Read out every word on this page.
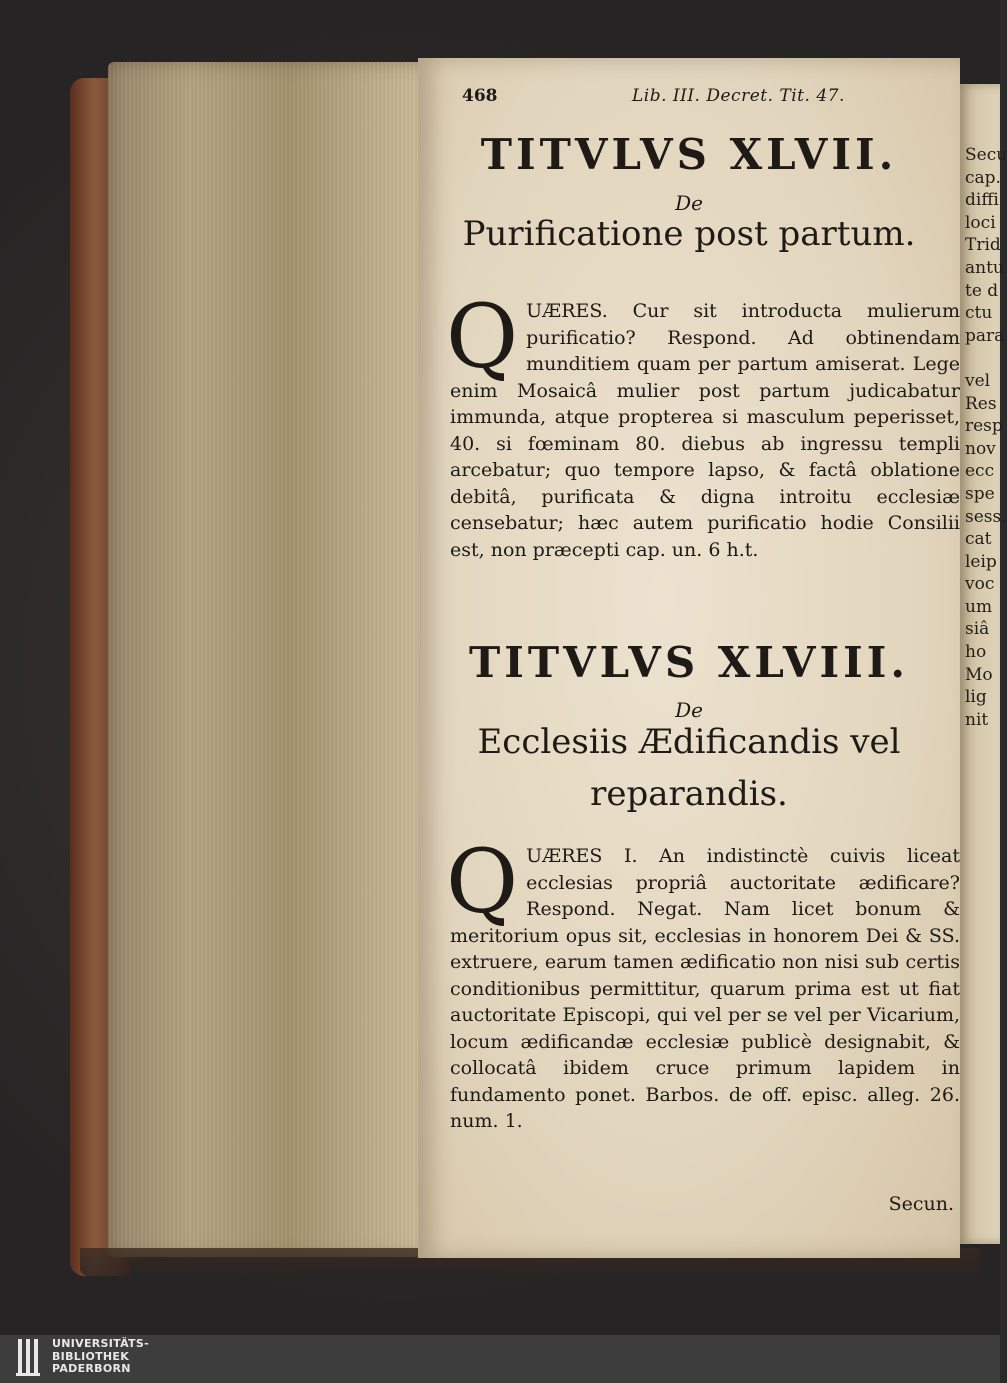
468	Lib. III. Decret. Tit. 47.
TITVLVS XLVII.
De
Purificatione post partum.
Q UÆRES. Cur sit introducta mulierum purificatio? Respond. Ad obtinendam munditiem quam per partum amiserat. Lege enim Mosaicâ mulier post partum judicabatur immunda, atque propterea si masculum peperisset, 40. si fœminam 80. diebus ab ingressu templi arcebatur; quo tempore lapso, & factâ oblatione debitâ, purificata & digna introitu ecclesiæ censebatur; hæc autem purificatio hodie Consilii est, non præcepti cap. un. 6 h.t.

TITVLVS XLVIII.
De
Ecclesiis Ædificandis vel
reparandis.
Q UÆRES I. An indistinctè cuivis liceat ecclesias propriâ auctoritate ædificare? Respond. Negat. Nam licet bonum & meritorium opus sit, ecclesias in honorem Dei & SS. extruere, earum tamen ædificatio non nisi sub certis conditionibus permittitur, quarum prima est ut fiat auctoritate Episcopi, qui vel per se vel per Vicarium, locum ædificandæ ecclesiæ publicè designabit, & collocatâ ibidem cruce primum lapidem in fundamento ponet. Barbos. de off. episc. alleg. 26. num. 1.

Secun.
Secu
cap.
diffi
loci
Trid
antu
te d
ctu
para

vel
Res
resp
nov
ecc
spe
sess.
cat
leip
voc
um
siâ
ho
Mo
lig
nit
UNIVERSITÄTS-
BIBLIOTHEK
PADERBORN
